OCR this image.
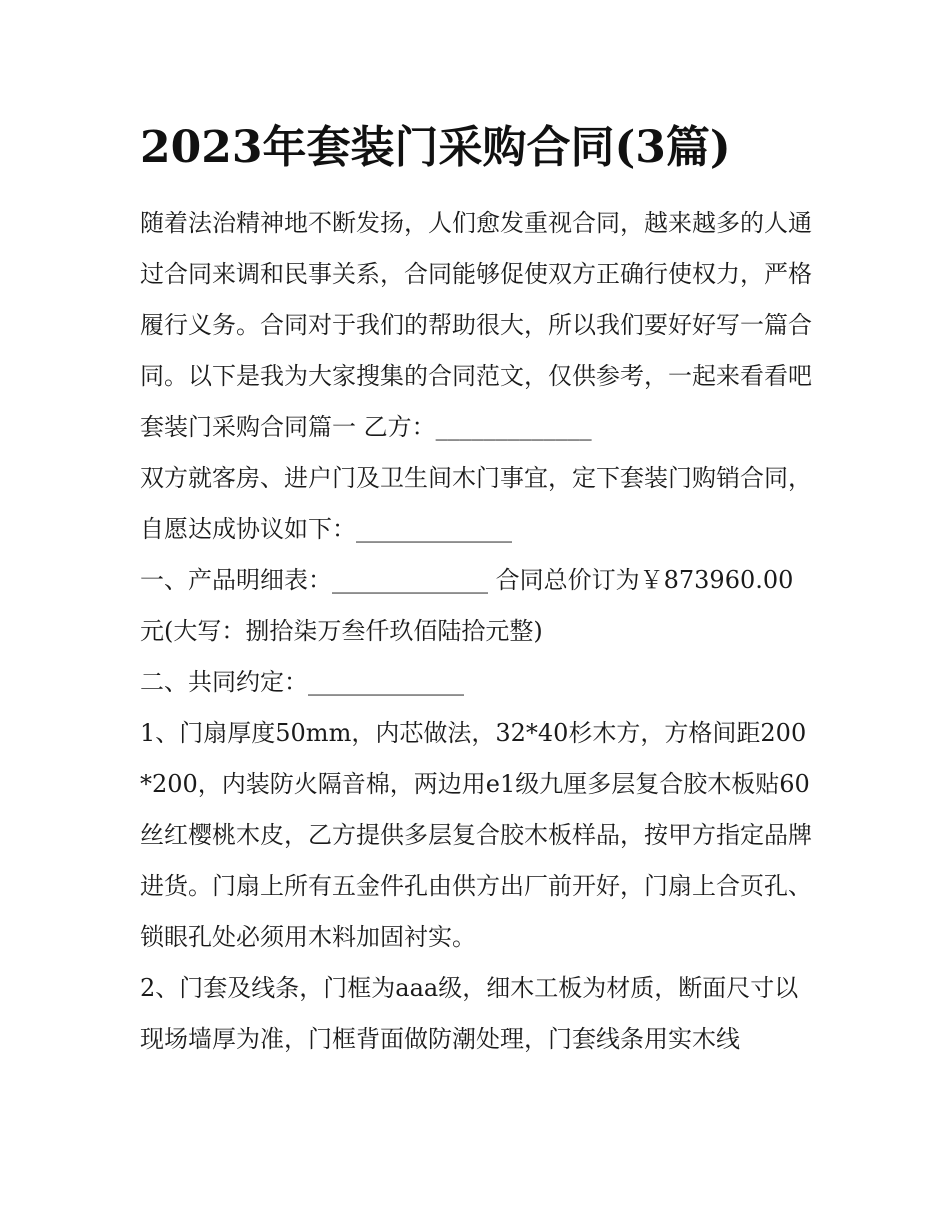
2023年套装门采购合同(3篇)

随着法治精神地不断发扬，人们愈发重视合同，越来越多的人通过合同来调和民事关系，合同能够促使双方正确行使权力，严格履行义务。合同对于我们的帮助很大，所以我们要好好写一篇合同。以下是我为大家搜集的合同范文，仅供参考，一起来看看吧

套装门采购合同篇一 乙方：_____________

双方就客房、进户门及卫生间木门事宜，定下套装门购销合同，自愿达成协议如下：_____________

一、产品明细表：_____________ 合同总价订为￥873960.00元(大写：捌拾柒万叁仟玖佰陆拾元整)

二、共同约定：_____________

1、门扇厚度50mm，内芯做法，32*40杉木方，方格间距200*200，内装防火隔音棉，两边用e1级九厘多层复合胶木板贴60丝红樱桃木皮，乙方提供多层复合胶木板样品，按甲方指定品牌进货。门扇上所有五金件孔由供方出厂前开好，门扇上合页孔、锁眼孔处必须用木料加固衬实。

2、门套及线条，门框为aaa级，细木工板为材质，断面尺寸以现场墙厚为准，门框背面做防潮处理，门套线条用实木线
